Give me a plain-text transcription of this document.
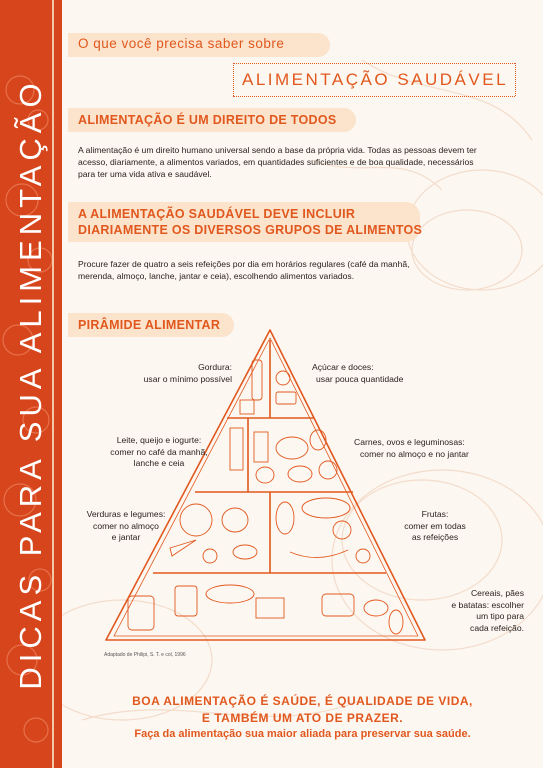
DICAS PARA SUA ALIMENTAÇÃO
O que você precisa saber sobre
ALIMENTAÇÃO SAUDÁVEL
ALIMENTAÇÃO É UM DIREITO DE TODOS
A alimentação é um direito humano universal sendo a base da própria vida. Todas as pessoas devem ter
acesso, diariamente, a alimentos variados, em quantidades suficientes e de boa qualidade, necessários
para ter uma vida ativa e saudável.
A ALIMENTAÇÃO SAUDÁVEL DEVE INCLUIR
DIARIAMENTE OS DIVERSOS GRUPOS DE ALIMENTOS
Procure fazer de quatro a seis refeições por dia em horários regulares (café da manhã,
merenda, almoço, lanche, jantar e ceia), escolhendo alimentos variados.
PIRÂMIDE ALIMENTAR
Adaptado de Philipi, S. T. e col, 1996
Gordura:
usar o mínimo possível
Açúcar e doces:
usar pouca quantidade
Leite, queijo e iogurte:
comer no café da manhã,
lanche e ceia
Carnes, ovos e leguminosas:
comer no almoço e no jantar
Verduras e legumes:
comer no almoço
e jantar
Frutas:
comer em todas
as refeições
Cereais, pães
e batatas: escolher
um tipo para
cada refeição.
BOA ALIMENTAÇÃO É SAÚDE, É QUALIDADE DE VIDA,
E TAMBÉM UM ATO DE PRAZER.
Faça da alimentação sua maior aliada para preservar sua saúde.
